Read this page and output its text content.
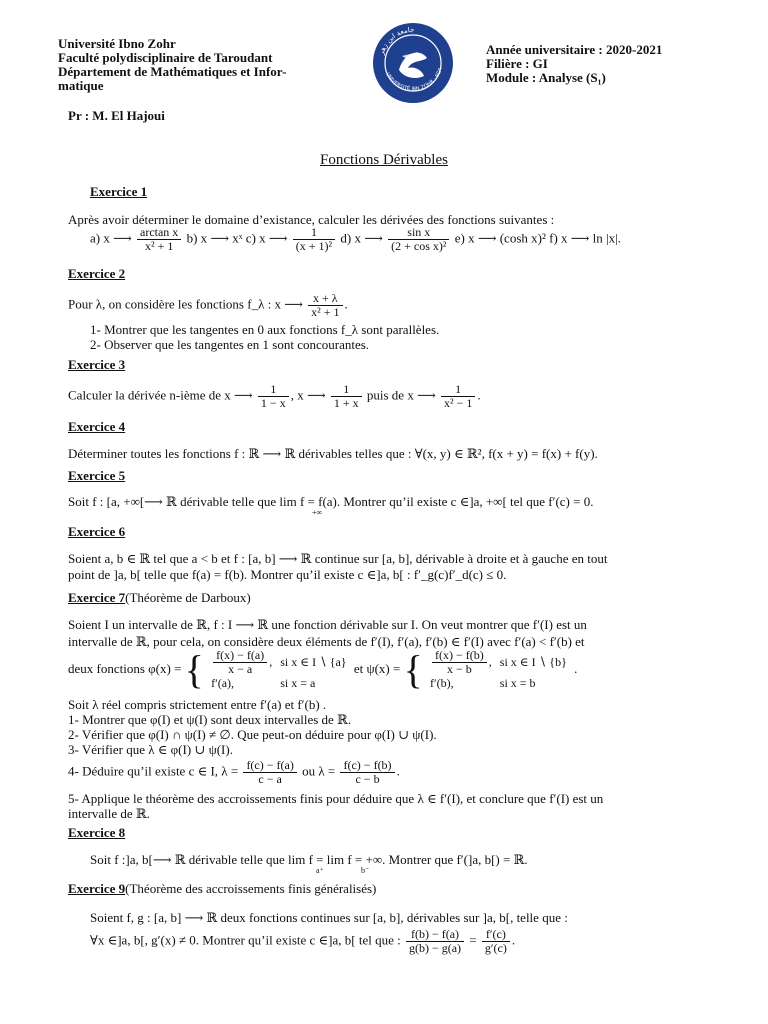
Université Ibno Zohr
Faculté polydisciplinaire de Taroudant
Département de Mathématiques et Infor-
matique
جامعة ابن زهر
UNIVERSITÉ IBN ZOHR · AGA
Année universitaire : 2020-2021
Filière : GI
Module : Analyse (S₁)
Pr : M. El Hajoui
Fonctions Dérivables
Exercice 1
Après avoir déterminer le domaine d’existance, calculer les dérivées des fonctions suivantes :
a) x ⟶ $\frac{\text{arctan x}}{\text{x² + 1}} b$) x ⟶ xˣ c) x ⟶ $\frac{1}{\text{(x + 1)²}} d$) x ⟶ $\frac{\text{sin x}}{\text{(2 + cos x)²}} e$) x ⟶ (cosh x)² f) x ⟶ ln |x|.
Exercice 2
Pour λ, on considère les fonctions f_λ : x ⟶ $\frac{x + \lambda}{\text{x² + 1}}$ .
1- Montrer que les tangentes en 0 aux fonctions f_λ sont parallèles.
2- Observer que les tangentes en 1 sont concourantes.
Exercice 3
Calculer la dérivée n-ième de x ⟶ $\frac{1}{1 - x}$ , x ⟶ $\frac{1}{1 + x}$ puis de x ⟶ $\frac{1}{\text{x² − 1}}$ .
Exercice 4
Déterminer toutes les fonctions f : ℝ ⟶ ℝ dérivables telles que : ∀(x, y) ∈ ℝ², f(x + y) = f(x) + f(y).
Exercice 5
Soit f : [a, +∞[⟶ ℝ dérivable telle que lim f = f(a). Montrer qu’il existe c ∈]a, +∞[ tel que f′(c) = 0.
+∞
Exercice 6
Soient a, b ∈ ℝ tel que a < b et f : [a, b] ⟶ ℝ continue sur [a, b], dérivable à droite et à gauche en tout
point de ]a, b[ telle que f(a) = f(b). Montrer qu’il existe c ∈]a, b[ : f′_g(c)f′_d(c) ≤ 0.
Exercice 7(Théorème de Darboux)
Soient I un intervalle de ℝ, f : I ⟶ ℝ une fonction dérivable sur I. On veut montrer que f′(I) est un
intervalle de ℝ, pour cela, on considère deux éléments de f′(I), f′(a), f′(b) ∈ f′(I) avec f′(a) < f′(b) et
deux fonctions φ(x) = { $\frac{f(x) - f(a)}{x - a}$ ,	si x ∈ I ∖ {a}
f′(a),	si x = a et ψ(x) = { $\frac{f(x) - f(b)}{x - b}$ ,	si x ∈ I ∖ {b}
f′(b),	si x = b .
Soit λ réel compris strictement entre f′(a) et f′(b) .
1- Montrer que φ(I) et ψ(I) sont deux intervalles de ℝ.
2- Vérifier que φ(I) ∩ ψ(I) ≠ ∅. Que peut-on déduire pour φ(I) ∪ ψ(I).
3- Vérifier que λ ∈ φ(I) ∪ ψ(I).
4- Déduire qu’il existe c ∈ I, $\lambda = \frac{f(c) - f(a)}{c - a}$ ou $\lambda = \frac{f(c) - f(b)}{c - b}$ .
5- Applique le théorème des accroissements finis pour déduire que λ ∈ f′(I), et conclure que f′(I) est un
intervalle de ℝ.
Exercice 8
Soit f :]a, b[⟶ ℝ dérivable telle que lim f = lim f = +∞. Montrer que f′(]a, b[) = ℝ.
a⁺	b⁻
Exercice 9(Théorème des accroissements finis généralisés)
Soient f, g : [a, b] ⟶ ℝ deux fonctions continues sur [a, b], dérivables sur ]a, b[, telle que :
∀x ∈]a, b[, g′(x) ≠ 0. Montrer qu’il existe c ∈]a, b[ tel que : $\frac{f(b) - f(a)}{g(b) - g(a)} = \frac{f'(c)}{g'(c)}$ .
